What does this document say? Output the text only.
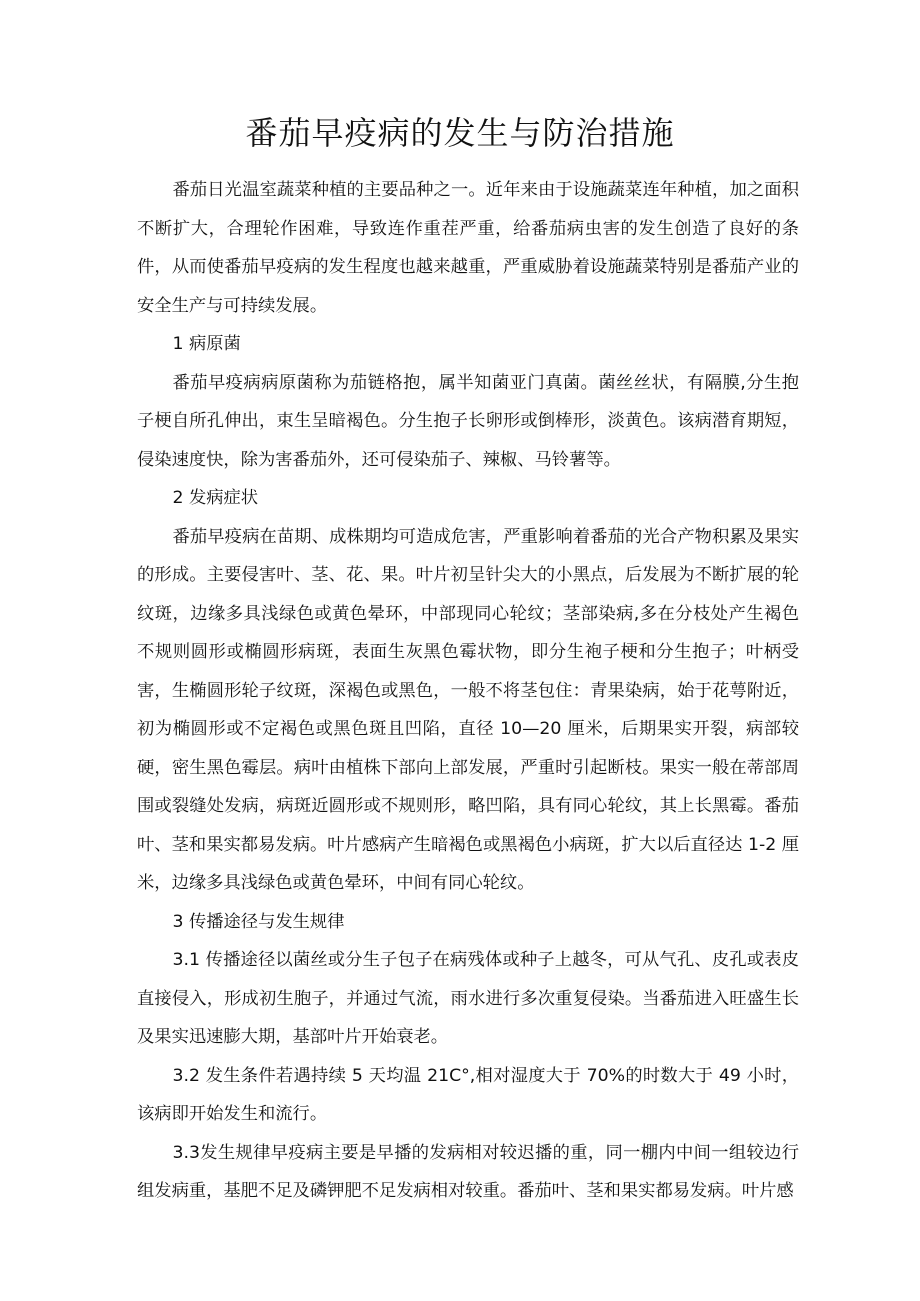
番茄早疫病的发生与防治措施

番茄日光温室蔬菜种植的主要品种之一。近年来由于设施蔬菜连年种植，加之面积不断扩大，合理轮作困难，导致连作重茬严重，给番茄病虫害的发生创造了良好的条件，从而使番茄早疫病的发生程度也越来越重，严重威胁着设施蔬菜特别是番茄产业的安全生产与可持续发展。

1 病原菌

番茄早疫病病原菌称为茄链格抱，属半知菌亚门真菌。菌丝丝状，有隔膜,分生抱子梗自所孔伸出，束生呈暗褐色。分生抱子长卵形或倒棒形，淡黄色。该病潜育期短，侵染速度快，除为害番茄外，还可侵染茄子、辣椒、马铃薯等。

2 发病症状

番茄早疫病在苗期、成株期均可造成危害，严重影响着番茄的光合产物积累及果实的形成。主要侵害叶、茎、花、果。叶片初呈针尖大的小黑点，后发展为不断扩展的轮纹斑，边缘多具浅绿色或黄色晕环，中部现同心轮纹；茎部染病,多在分枝处产生褐色不规则圆形或椭圆形病斑，表面生灰黑色霉状物，即分生袍子梗和分生抱子；叶柄受害，生椭圆形轮子纹斑，深褐色或黑色，一般不将茎包住：青果染病，始于花萼附近，初为椭圆形或不定褐色或黑色斑且凹陷，直径 10—20 厘米，后期果实开裂，病部较硬，密生黑色霉层。病叶由植株下部向上部发展，严重时引起断枝。果实一般在蒂部周围或裂缝处发病，病斑近圆形或不规则形，略凹陷，具有同心轮纹，其上长黑霉。番茄叶、茎和果实都易发病。叶片感病产生暗褐色或黑褐色小病斑，扩大以后直径达 1-2 厘米，边缘多具浅绿色或黄色晕环，中间有同心轮纹。

3 传播途径与发生规律

3.1 传播途径以菌丝或分生子包子在病残体或种子上越冬，可从气孔、皮孔或表皮直接侵入，形成初生胞子，并通过气流，雨水进行多次重复侵染。当番茄进入旺盛生长及果实迅速膨大期，基部叶片开始衰老。

3.2 发生条件若遇持续 5 天均温 21C°,相对湿度大于 70%的时数大于 49 小时，该病即开始发生和流行。

3.3发生规律早疫病主要是早播的发病相对较迟播的重，同一棚内中间一组较边行组发病重，基肥不足及磷钾肥不足发病相对较重。番茄叶、茎和果实都易发病。叶片感
